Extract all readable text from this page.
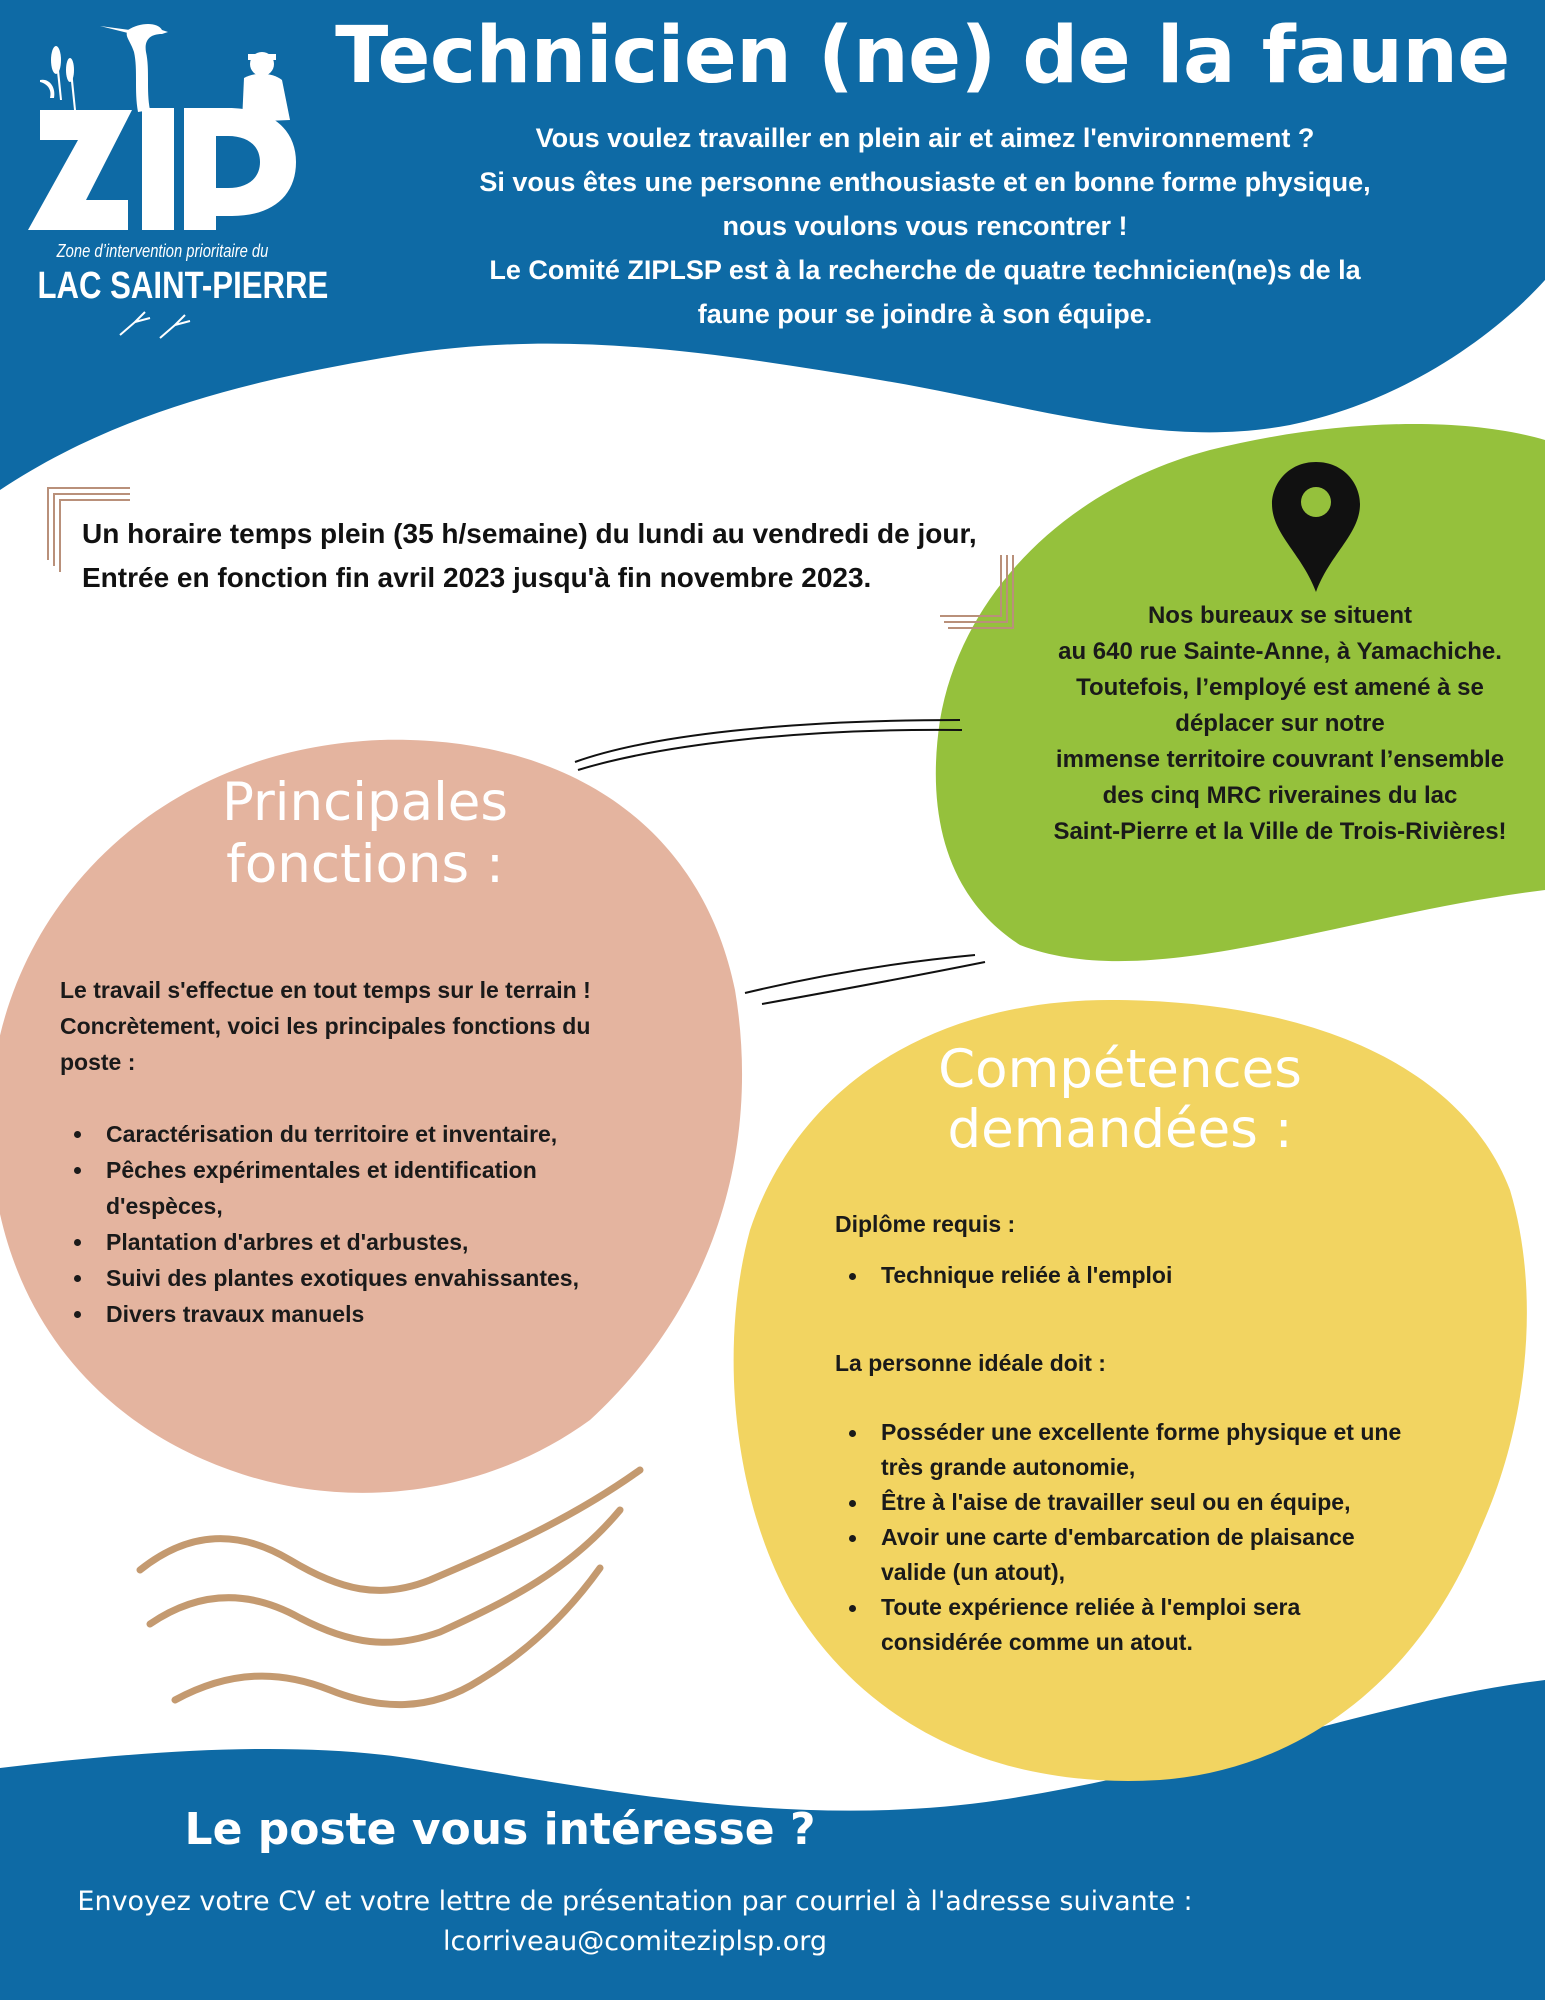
Zone d’intervention prioritaire du
LAC SAINT-PIERRE
Technicien (ne) de la faune
Vous voulez travailler en plein air et aimez l'environnement ?
Si vous êtes une personne enthousiaste et en bonne forme physique,
nous voulons vous rencontrer !
Le Comité ZIPLSP est à la recherche de quatre technicien(ne)s de la
faune pour se joindre à son équipe.
Un horaire temps plein (35 h/semaine) du lundi au vendredi de jour,
Entrée en fonction fin avril 2023 jusqu'à fin novembre 2023.
Nos bureaux se situent
au 640 rue Sainte-Anne, à Yamachiche.
Toutefois, l’employé est amené à se
déplacer sur notre
immense territoire couvrant l’ensemble
des cinq MRC riveraines du lac
Saint-Pierre et la Ville de Trois-Rivières!
Principales
fonctions :
Le travail s'effectue en tout temps sur le terrain !
Concrètement, voici les principales fonctions du
poste :
Caractérisation du territoire et inventaire,
Pêches expérimentales et identification
d'espèces,
Plantation d'arbres et d'arbustes,
Suivi des plantes exotiques envahissantes,
Divers travaux manuels
Compétences
demandées :
Diplôme requis :
Technique reliée à l'emploi
La personne idéale doit :
Posséder une excellente forme physique et une
très grande autonomie,
Être à l'aise de travailler seul ou en équipe,
Avoir une carte d'embarcation de plaisance
valide (un atout),
Toute expérience reliée à l'emploi sera
considérée comme un atout.
Le poste vous intéresse ?
Envoyez votre CV et votre lettre de présentation par courriel à l'adresse suivante :
lcorriveau@comiteziplsp.org
